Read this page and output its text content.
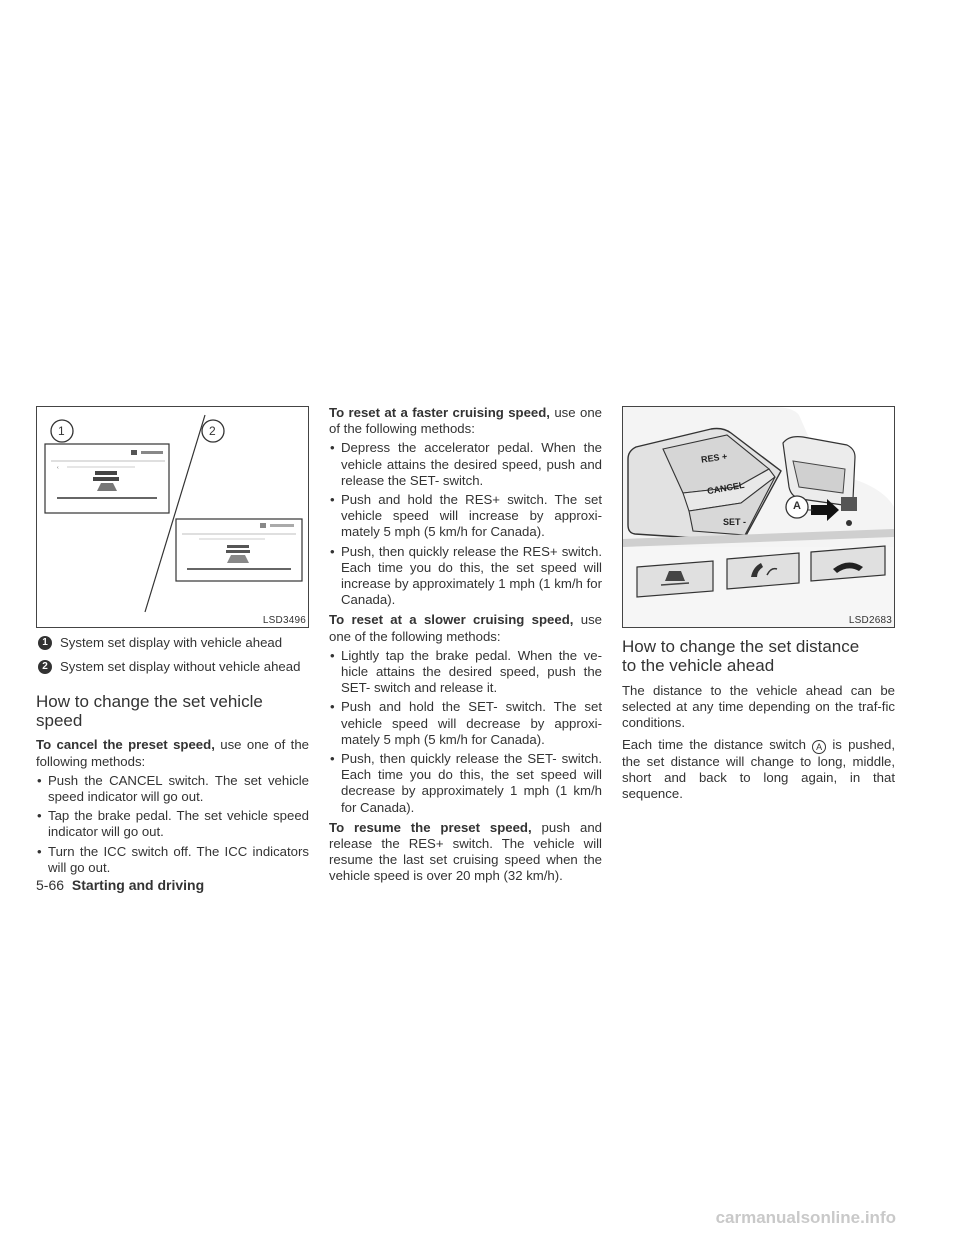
‹
1	2
LSD3496

1 System set display with vehicle ahead

2 System set display without vehicle ahead

How to change the set vehicle
speed

To cancel the preset speed, use one of the following methods:

• Push the CANCEL switch. The set vehicle speed indicator will go out.

• Tap the brake pedal. The set vehicle speed indicator will go out.

• Turn the ICC switch off. The ICC indicators will go out.

To reset at a faster cruising speed, use one of the following methods:

• Depress the accelerator pedal. When the vehicle attains the desired speed, push and release the SET- switch.

• Push and hold the RES+ switch. The set vehicle speed will increase by approxi-mately 5 mph (5 km/h for Canada).

• Push, then quickly release the RES+ switch. Each time you do this, the set speed will increase by approximately 1 mph (1 km/h for Canada).

To reset at a slower cruising speed, use one of the following methods:

• Lightly tap the brake pedal. When the ve-hicle attains the desired speed, push the SET- switch and release it.

• Push and hold the SET- switch. The set vehicle speed will decrease by approxi-mately 5 mph (5 km/h for Canada).

• Push, then quickly release the SET- switch. Each time you do this, the set speed will decrease by approximately 1 mph (1 km/h for Canada).

To resume the preset speed, push and release the RES+ switch. The vehicle will resume the last set cruising speed when the vehicle speed is over 20 mph (32 km/h).

RES +
CANCEL
SET -
A
LSD2683
How to change the set distance
to the vehicle ahead

The distance to the vehicle ahead can be selected at any time depending on the traf-fic conditions.

Each time the distance switch A is pushed, the set distance will change to long, middle, short and back to long again, in that sequence.

5-66 Starting and driving
carmanualsonline.info
